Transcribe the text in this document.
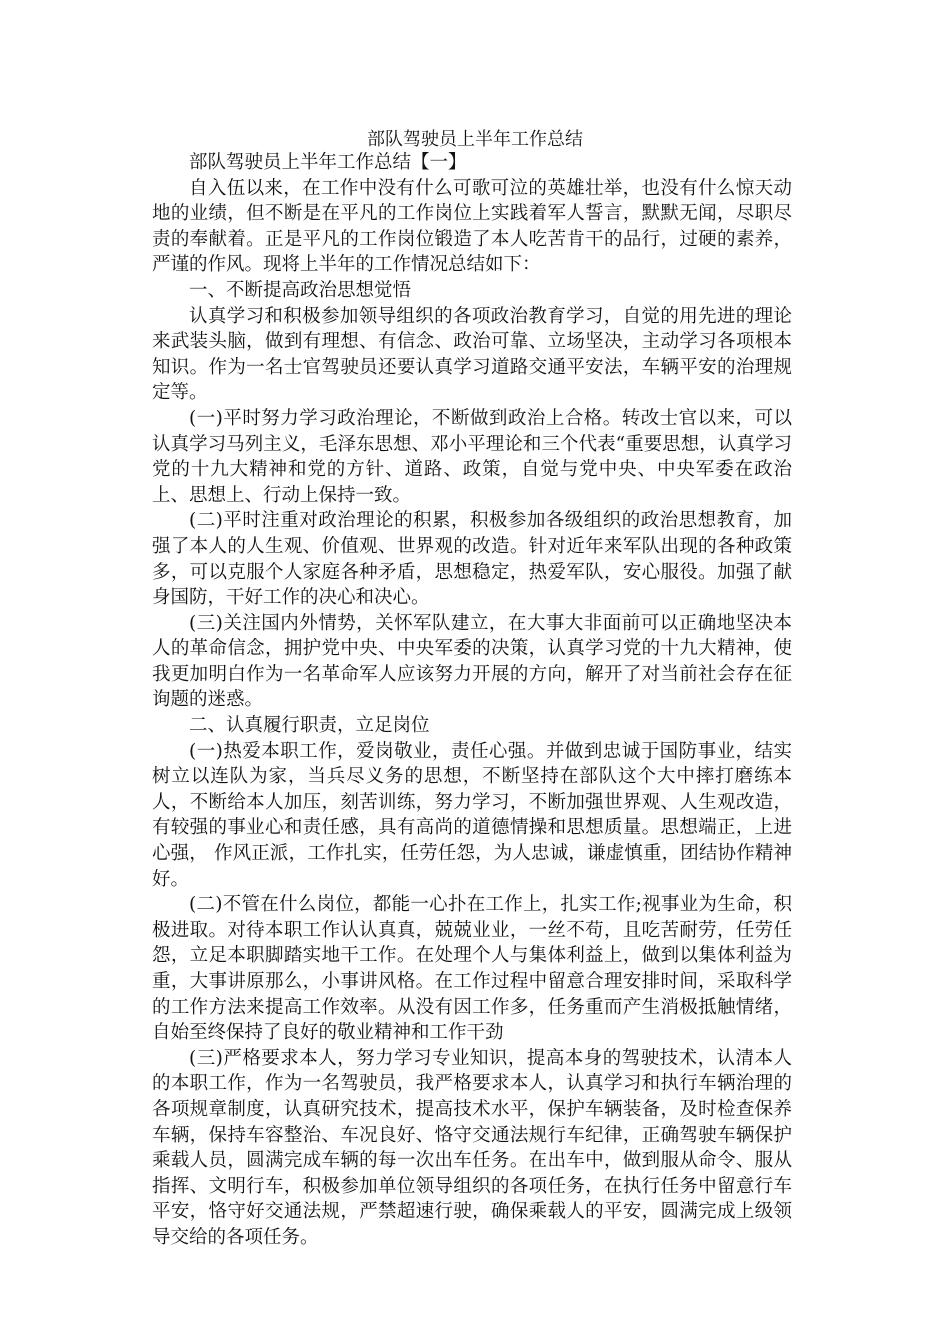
部队驾驶员上半年工作总结

部队驾驶员上半年工作总结【一】

自入伍以来，在工作中没有什么可歌可泣的英雄壮举，也没有什么惊天动地的业绩，但不断是在平凡的工作岗位上实践着军人誓言，默默无闻，尽职尽责的奉献着。正是平凡的工作岗位锻造了本人吃苦肯干的品行，过硬的素养，严谨的作风。现将上半年的工作情况总结如下：

一、不断提高政治思想觉悟

认真学习和积极参加领导组织的各项政治教育学习，自觉的用先进的理论来武装头脑，做到有理想、有信念、政治可靠、立场坚决，主动学习各项根本知识。作为一名士官驾驶员还要认真学习道路交通平安法，车辆平安的治理规定等。

(一)平时努力学习政治理论，不断做到政治上合格。转改士官以来，可以认真学习马列主义，毛泽东思想、邓小平理论和三个代表“重要思想，认真学习党的十九大精神和党的方针、道路、政策，自觉与党中央、中央军委在政治上、思想上、行动上保持一致。

(二)平时注重对政治理论的积累，积极参加各级组织的政治思想教育，加强了本人的人生观、价值观、世界观的改造。针对近年来军队出现的各种政策多，可以克服个人家庭各种矛盾，思想稳定，热爱军队，安心服役。加强了献身国防，干好工作的决心和决心。

(三)关注国内外情势，关怀军队建立，在大事大非面前可以正确地坚决本人的革命信念，拥护党中央、中央军委的决策，认真学习党的十九大精神，使我更加明白作为一名革命军人应该努力开展的方向，解开了对当前社会存在征询题的迷惑。

二、认真履行职责，立足岗位

(一)热爱本职工作，爱岗敬业，责任心强。并做到忠诚于国防事业，结实树立以连队为家，当兵尽义务的思想，不断坚持在部队这个大中摔打磨练本人，不断给本人加压，刻苦训练，努力学习，不断加强世界观、人生观改造，有较强的事业心和责任感，具有高尚的道德情操和思想质量。思想端正，上进心强， 作风正派，工作扎实，任劳任怨，为人忠诚，谦虚慎重，团结协作精神好。

(二)不管在什么岗位，都能一心扑在工作上，扎实工作;视事业为生命，积极进取。对待本职工作认认真真，兢兢业业，一丝不苟，且吃苦耐劳，任劳任怨，立足本职脚踏实地干工作。在处理个人与集体利益上，做到以集体利益为重，大事讲原那么，小事讲风格。在工作过程中留意合理安排时间，采取科学的工作方法来提高工作效率。从没有因工作多，任务重而产生消极抵触情绪，自始至终保持了良好的敬业精神和工作干劲

(三)严格要求本人，努力学习专业知识，提高本身的驾驶技术，认清本人的本职工作，作为一名驾驶员，我严格要求本人，认真学习和执行车辆治理的各项规章制度，认真研究技术，提高技术水平，保护车辆装备，及时检查保养车辆，保持车容整治、车况良好、恪守交通法规行车纪律，正确驾驶车辆保护乘载人员，圆满完成车辆的每一次出车任务。在出车中，做到服从命令、服从指挥、文明行车，积极参加单位领导组织的各项任务，在执行任务中留意行车平安，恪守好交通法规，严禁超速行驶，确保乘载人的平安，圆满完成上级领导交给的各项任务。
